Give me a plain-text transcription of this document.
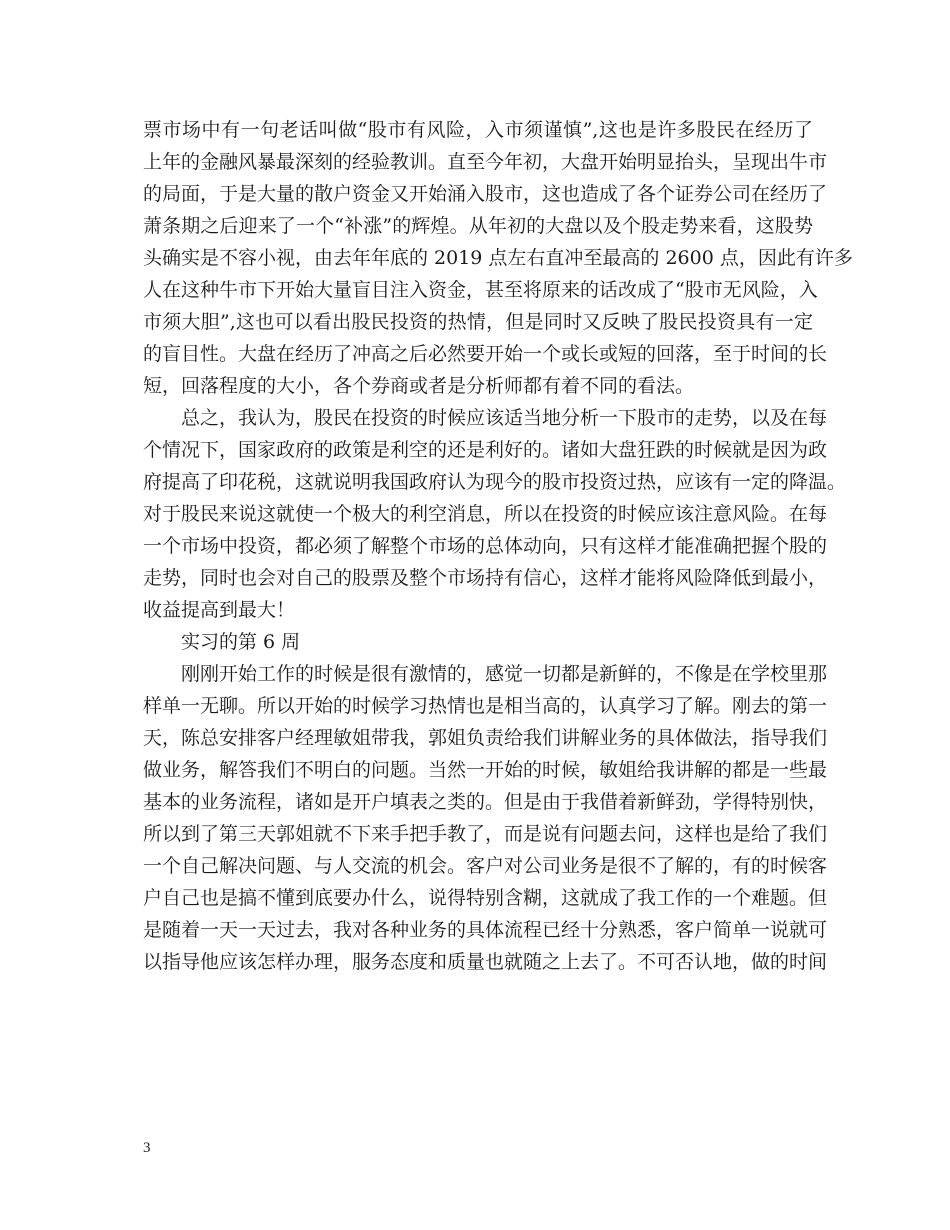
票市场中有一句老话叫做“股市有风险，入市须谨慎”,这也是许多股民在经历了
上年的金融风暴最深刻的经验教训。直至今年初，大盘开始明显抬头，呈现出牛市
的局面，于是大量的散户资金又开始涌入股市，这也造成了各个证券公司在经历了
萧条期之后迎来了一个“补涨”的辉煌。从年初的大盘以及个股走势来看，这股势
头确实是不容小视，由去年年底的 2019 点左右直冲至最高的 2600 点，因此有许多
人在这种牛市下开始大量盲目注入资金，甚至将原来的话改成了“股市无风险，入
市须大胆”,这也可以看出股民投资的热情，但是同时又反映了股民投资具有一定
的盲目性。大盘在经历了冲高之后必然要开始一个或长或短的回落，至于时间的长
短，回落程度的大小，各个券商或者是分析师都有着不同的看法。
总之，我认为，股民在投资的时候应该适当地分析一下股市的走势，以及在每
个情况下，国家政府的政策是利空的还是利好的。诸如大盘狂跌的时候就是因为政
府提高了印花税，这就说明我国政府认为现今的股市投资过热，应该有一定的降温。
对于股民来说这就使一个极大的利空消息，所以在投资的时候应该注意风险。在每
一个市场中投资，都必须了解整个市场的总体动向，只有这样才能准确把握个股的
走势，同时也会对自己的股票及整个市场持有信心，这样才能将风险降低到最小，
收益提高到最大！
实习的第 6 周
刚刚开始工作的时候是很有激情的，感觉一切都是新鲜的，不像是在学校里那
样单一无聊。所以开始的时候学习热情也是相当高的，认真学习了解。刚去的第一
天，陈总安排客户经理敏姐带我，郭姐负责给我们讲解业务的具体做法，指导我们
做业务，解答我们不明白的问题。当然一开始的时候，敏姐给我讲解的都是一些最
基本的业务流程，诸如是开户填表之类的。但是由于我借着新鲜劲，学得特别快，
所以到了第三天郭姐就不下来手把手教了，而是说有问题去问，这样也是给了我们
一个自己解决问题、与人交流的机会。客户对公司业务是很不了解的，有的时候客
户自己也是搞不懂到底要办什么，说得特别含糊，这就成了我工作的一个难题。但
是随着一天一天过去，我对各种业务的具体流程已经十分熟悉，客户简单一说就可
以指导他应该怎样办理，服务态度和质量也就随之上去了。不可否认地，做的时间
3
